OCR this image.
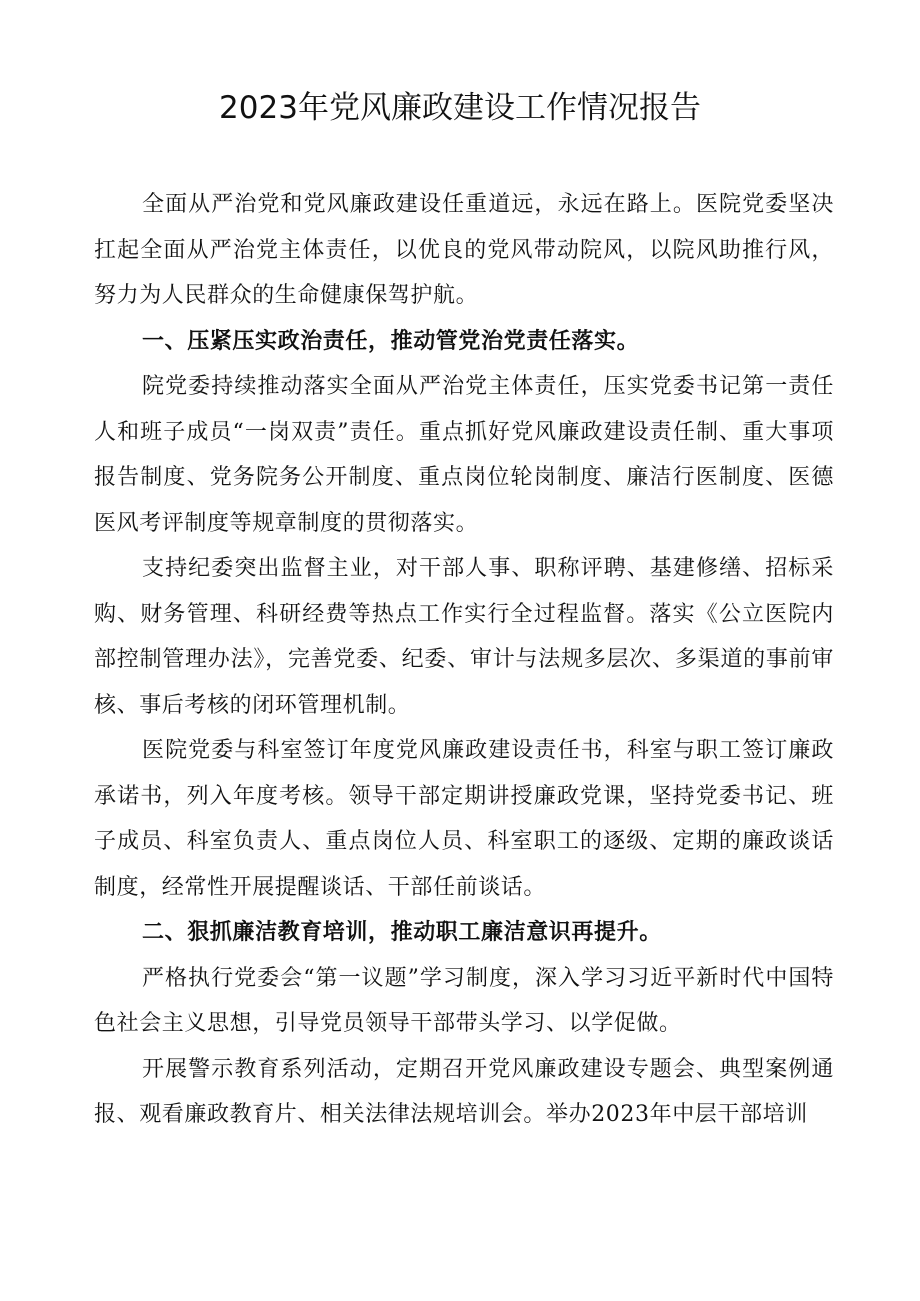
2023年党风廉政建设工作情况报告

全面从严治党和党风廉政建设任重道远，永远在路上。医院党委坚决扛起全面从严治党主体责任，以优良的党风带动院风，以院风助推行风，努力为人民群众的生命健康保驾护航。

一、压紧压实政治责任，推动管党治党责任落实。

院党委持续推动落实全面从严治党主体责任，压实党委书记第一责任人和班子成员“一岗双责”责任。重点抓好党风廉政建设责任制、重大事项报告制度、党务院务公开制度、重点岗位轮岗制度、廉洁行医制度、医德医风考评制度等规章制度的贯彻落实。

支持纪委突出监督主业，对干部人事、职称评聘、基建修缮、招标采购、财务管理、科研经费等热点工作实行全过程监督。落实《公立医院内部控制管理办法》，完善党委、纪委、审计与法规多层次、多渠道的事前审核、事后考核的闭环管理机制。

医院党委与科室签订年度党风廉政建设责任书，科室与职工签订廉政承诺书，列入年度考核。领导干部定期讲授廉政党课，坚持党委书记、班子成员、科室负责人、重点岗位人员、科室职工的逐级、定期的廉政谈话制度，经常性开展提醒谈话、干部任前谈话。

二、狠抓廉洁教育培训，推动职工廉洁意识再提升。

严格执行党委会“第一议题”学习制度，深入学习习近平新时代中国特色社会主义思想，引导党员领导干部带头学习、以学促做。

开展警示教育系列活动，定期召开党风廉政建设专题会、典型案例通报、观看廉政教育片、相关法律法规培训会。举办2023年中层干部培训
